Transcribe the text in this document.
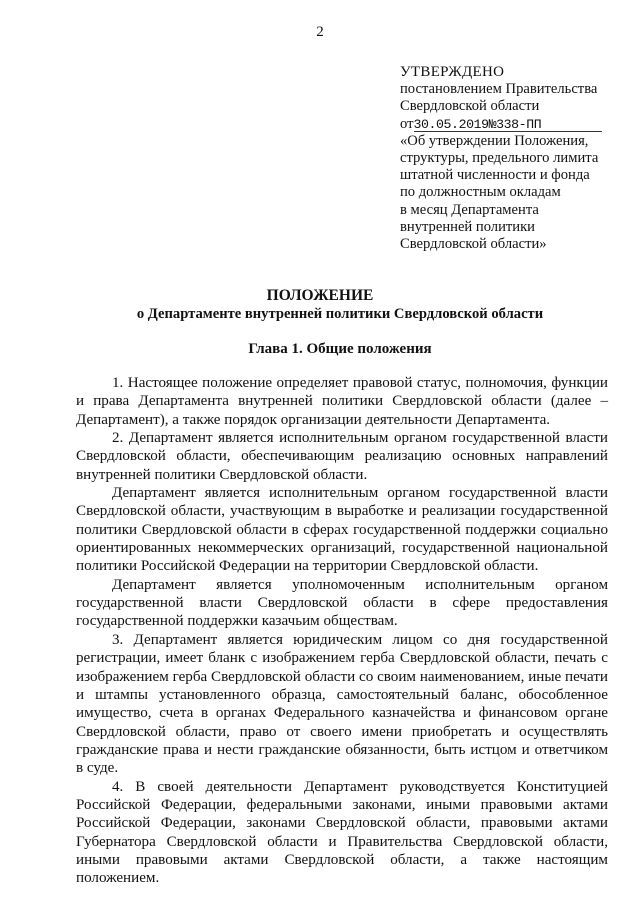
2
УТВЕРЖДЕНО
постановлением Правительства
Свердловской области
от30.05.2019№338-ПП
«Об утверждении Положения,
структуры, предельного лимита
штатной численности и фонда
по должностным окладам
в месяц Департамента
внутренней политики
Свердловской области»
ПОЛОЖЕНИЕ
о Департаменте внутренней политики Свердловской области
Глава 1. Общие положения

1. Настоящее положение определяет правовой статус, полномочия, функции и права Департамента внутренней политики Свердловской области (далее – Департамент), а также порядок организации деятельности Департамента.

2. Департамент является исполнительным органом государственной власти Свердловской области, обеспечивающим реализацию основных направлений внутренней политики Свердловской области.

Департамент является исполнительным органом государственной власти Свердловской области, участвующим в выработке и реализации государственной политики Свердловской области в сферах государственной поддержки социально ориентированных некоммерческих организаций, государственной национальной политики Российской Федерации на территории Свердловской области.

Департамент является уполномоченным исполнительным органом государственной власти Свердловской области в сфере предоставления государственной поддержки казачьим обществам.

3. Департамент является юридическим лицом со дня государственной регистрации, имеет бланк с изображением герба Свердловской области, печать с изображением герба Свердловской области со своим наименованием, иные печати и штампы установленного образца, самостоятельный баланс, обособленное имущество, счета в органах Федерального казначейства и финансовом органе Свердловской области, право от своего имени приобретать и осуществлять гражданские права и нести гражданские обязанности, быть истцом и ответчиком в суде.

4. В своей деятельности Департамент руководствуется Конституцией Российской Федерации, федеральными законами, иными правовыми актами Российской Федерации, законами Свердловской области, правовыми актами Губернатора Свердловской области и Правительства Свердловской области, иными правовыми актами Свердловской области, а также настоящим положением.
